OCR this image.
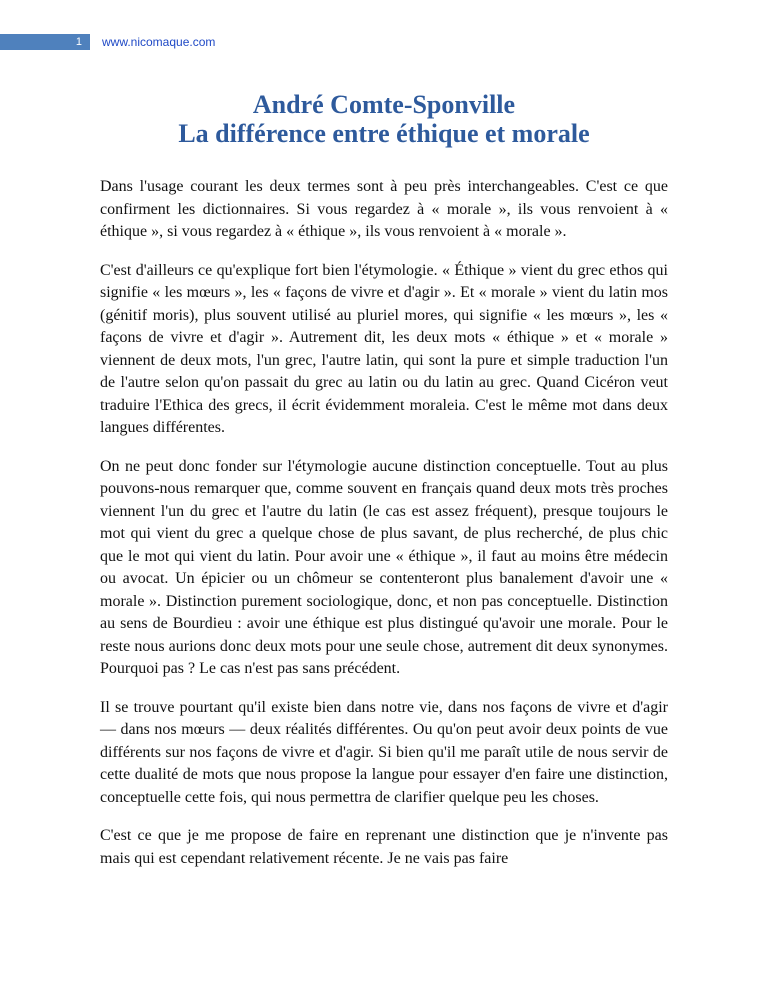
1	www.nicomaque.com
André Comte-Sponville
La différence entre éthique et morale

Dans l'usage courant les deux termes sont à peu près interchangeables. C'est ce que confirment les dictionnaires. Si vous regardez à « morale », ils vous renvoient à « éthique », si vous regardez à « éthique », ils vous renvoient à « morale ».

C'est d'ailleurs ce qu'explique fort bien l'étymologie. « Éthique » vient du grec ethos qui signifie « les mœurs », les « façons de vivre et d'agir ». Et « morale » vient du latin mos (génitif moris), plus souvent utilisé au pluriel mores, qui signifie « les mœurs », les « façons de vivre et d'agir ». Autrement dit, les deux mots « éthique » et « morale » viennent de deux mots, l'un grec, l'autre latin, qui sont la pure et simple traduction l'un de l'autre selon qu'on passait du grec au latin ou du latin au grec. Quand Cicéron veut traduire l'Ethica des grecs, il écrit évidemment moraleia. C'est le même mot dans deux langues différentes.

On ne peut donc fonder sur l'étymologie aucune distinction conceptuelle. Tout au plus pouvons-nous remarquer que, comme souvent en français quand deux mots très proches viennent l'un du grec et l'autre du latin (le cas est assez fréquent), presque toujours le mot qui vient du grec a quelque chose de plus savant, de plus recherché, de plus chic que le mot qui vient du latin. Pour avoir une « éthique », il faut au moins être médecin ou avocat. Un épicier ou un chômeur se contenteront plus banalement d'avoir une « morale ». Distinction purement sociologique, donc, et non pas conceptuelle. Distinction au sens de Bourdieu : avoir une éthique est plus distingué qu'avoir une morale. Pour le reste nous aurions donc deux mots pour une seule chose, autrement dit deux synonymes. Pourquoi pas ? Le cas n'est pas sans précédent.

Il se trouve pourtant qu'il existe bien dans notre vie, dans nos façons de vivre et d'agir — dans nos mœurs — deux réalités différentes. Ou qu'on peut avoir deux points de vue différents sur nos façons de vivre et d'agir. Si bien qu'il me paraît utile de nous servir de cette dualité de mots que nous propose la langue pour essayer d'en faire une distinction, conceptuelle cette fois, qui nous permettra de clarifier quelque peu les choses.

C'est ce que je me propose de faire en reprenant une distinction que je n'invente pas mais qui est cependant relativement récente. Je ne vais pas faire
